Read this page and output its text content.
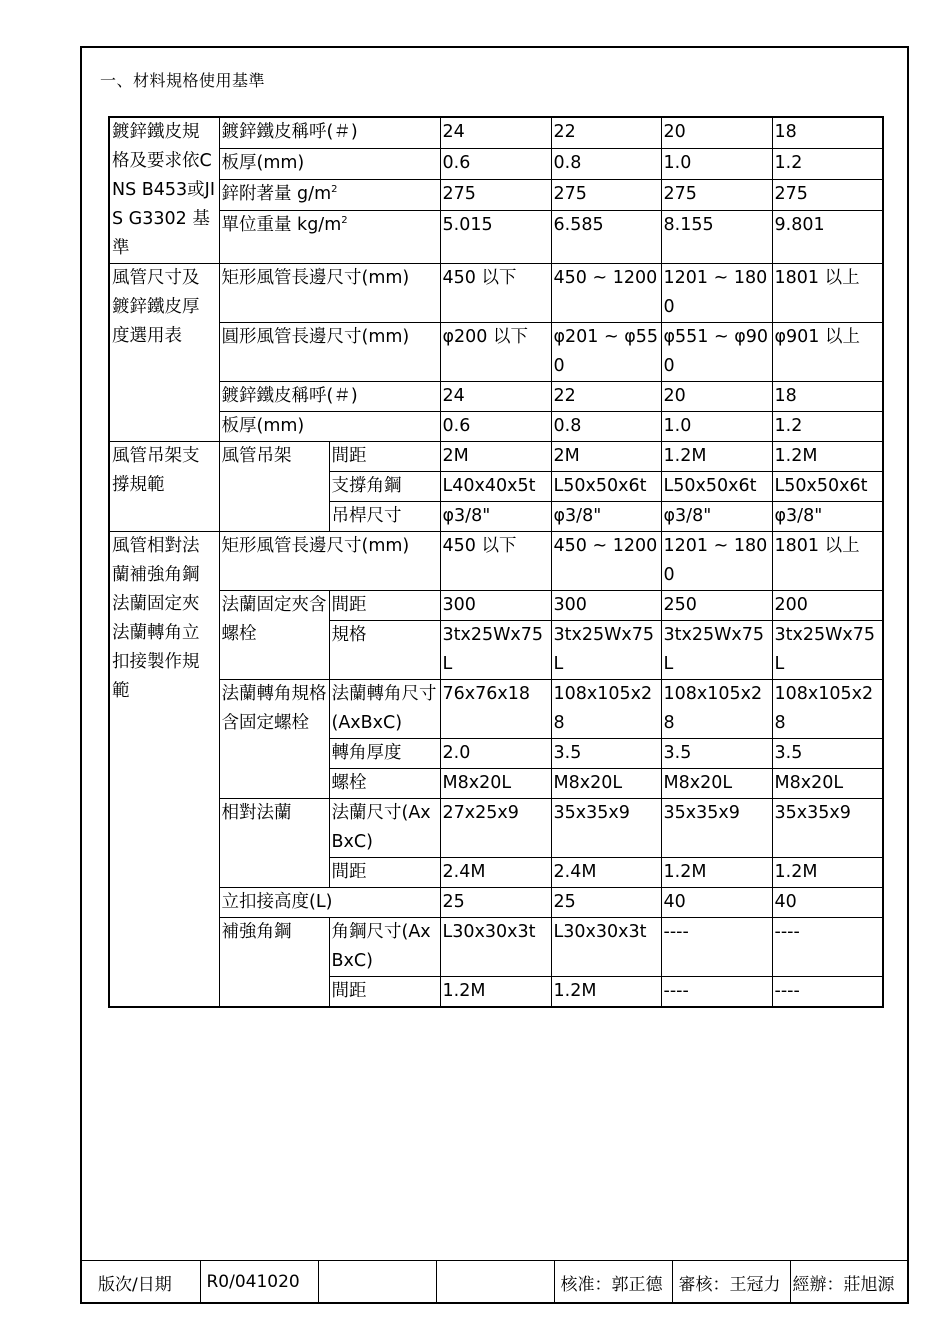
一、材料規格使用基準
鍍鋅鐵皮規格及要求依CNS B453或JIS G3302 基準	鍍鋅鐵皮稱呼(＃)		24	22	20	18
	板厚(mm)		0.6	0.8	1.0	1.2
	鋅附著量 $g/m^2$		275	275	275	275
	單位重量 $kg/m^2$		5.015	6.585	8.155	9.801
風管尺寸及鍍鋅鐵皮厚度選用表	矩形風管長邊尺寸(mm)		450 以下	450 ~ 1200	1201 ~ 1800	1801 以上
	圓形風管長邊尺寸(mm)		φ200 以下	φ201 ~ φ550	φ551 ~ φ900	φ901 以上
	鍍鋅鐵皮稱呼(＃)		24	22	20	18
	板厚(mm)		0.6	0.8	1.0	1.2
風管吊架支撐規範	風管吊架	間距	2M	2M	1.2M	1.2M
		支撐角鋼	L40x40x5t	L50x50x6t	L50x50x6t	L50x50x6t
		吊桿尺寸	φ3/8"	φ3/8"	φ3/8"	φ3/8"
風管相對法蘭補強角鋼法蘭固定夾法蘭轉角立扣接製作規範	矩形風管長邊尺寸(mm)		450 以下	450 ~ 1200	1201 ~ 1800	1801 以上
	法蘭固定夾含螺栓	間距	300	300	250	200
		規格	3tx25Wx75L	3tx25Wx75L	3tx25Wx75L	3tx25Wx75L
	法蘭轉角規格含固定螺栓	法蘭轉角尺寸(AxBxC)	76x76x18	108x105x28	108x105x28	108x105x28
		轉角厚度	2.0	3.5	3.5	3.5
		螺栓	M8x20L	M8x20L	M8x20L	M8x20L
	相對法蘭	法蘭尺寸(AxBxC)	27x25x9	35x35x9	35x35x9	35x35x9
		間距	2.4M	2.4M	1.2M	1.2M
	立扣接高度(L)		25	25	40	40
	補強角鋼	角鋼尺寸(AxBxC)	L30x30x3t	L30x30x3t	----	----
		間距	1.2M	1.2M	----	----
版次/日期	R0/041020			核准：郭正德	審核：王冠力	經辦：莊旭源
